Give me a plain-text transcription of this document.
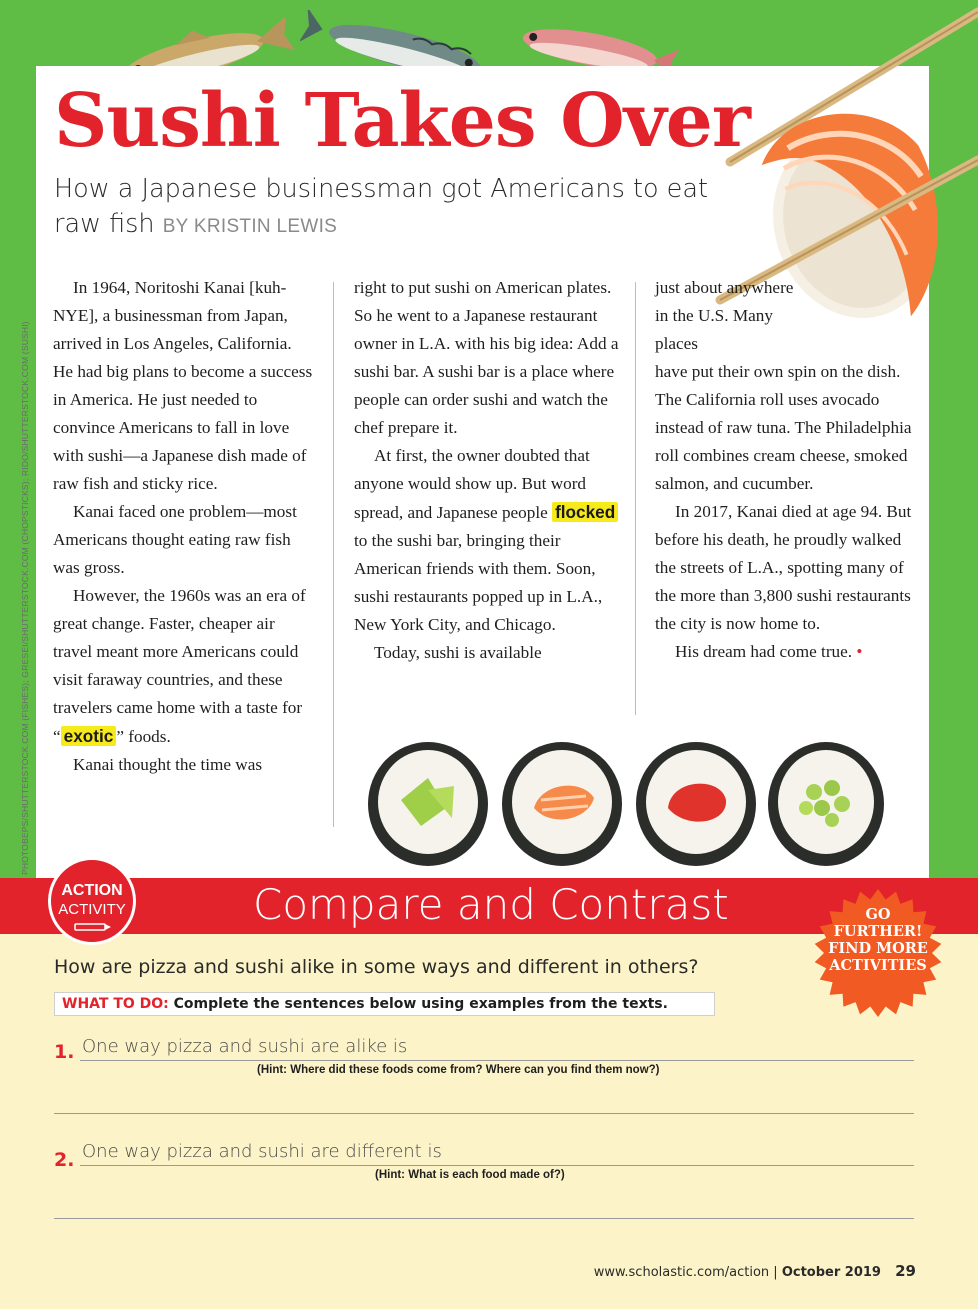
PHOTOBEPS/SHUTTERSTOCK.COM (FISHES); GRESEI/SHUTTERSTOCK.COM (CHOPSTICKS); RIDO/SHUTTERSTOCK.COM (SUSHI)
Sushi Takes Over
How a Japanese businessman got Americans to eat raw fish BY KRISTIN LEWIS

In 1964, Noritoshi Kanai [kuh-NYE], a businessman from Japan, arrived in Los Angeles, California. He had big plans to become a success in America. He just needed to convince Americans to fall in love with sushi—a Japanese dish made of raw fish and sticky rice.

Kanai faced one problem—most Americans thought eating raw fish was gross.

However, the 1960s was an era of great change. Faster, cheaper air travel meant more Americans could visit faraway countries, and these travelers came home with a taste for “ exotic ” foods.

Kanai thought the time was

right to put sushi on American plates. So he went to a Japanese restaurant owner in L.A. with his big idea: Add a sushi bar. A sushi bar is a place where people can order sushi and watch the chef prepare it.

At first, the owner doubted that anyone would show up. But word spread, and Japanese people flocked to the sushi bar, bringing their American friends with them. Soon, sushi restaurants popped up in L.A., New York City, and Chicago.

Today, sushi is available

just about anywhere in the U.S. Many places

have put their own spin on the dish. The California roll uses avocado instead of raw tuna. The Philadelphia roll combines cream cheese, smoked salmon, and cucumber.

In 2017, Kanai died at age 94. But before his death, he proudly walked the streets of L.A., spotting many of the more than 3,800 sushi restaurants the city is now home to.

His dream had come true. •

ACTION
ACTIVITY	Compare and Contrast	GO
FURTHER!
FIND MORE
ACTIVITIES
How are pizza and sushi alike in some ways and different in others?
WHAT TO DO: Complete the sentences below using examples from the texts.
1. One way pizza and sushi are alike is
(Hint: Where did these foods come from? Where can you find them now?)
2. One way pizza and sushi are different is
(Hint: What is each food made of?)
www.scholastic.com/action | October 2019 29
